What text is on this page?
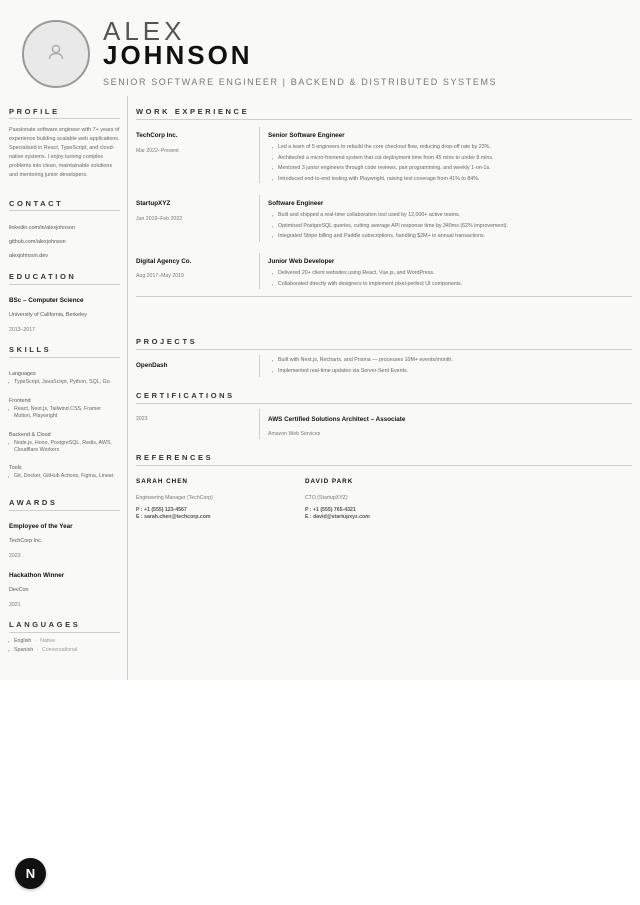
ALEX
JOHNSON
SENIOR SOFTWARE ENGINEER | BACKEND & DISTRIBUTED SYSTEMS
PROFILE
Passionate software engineer with 7+ years of experience building scalable web applications. Specialised in React, TypeScript, and cloud-native systems. I enjoy turning complex problems into clean, maintainable solutions and mentoring junior developers.
CONTACT
linkedin.com/in/alexjohnson
github.com/alexjohnson
alexjohnson.dev
EDUCATION
BSc – Computer Science
University of California, Berkeley
2013–2017
SKILLS
Languages
▪ TypeScript, JavaScript, Python, SQL, Go
Frontend
▪ React, Next.js, Tailwind CSS, Framer Motion, Playwright
Backend & Cloud
▪ Node.js, Hono, PostgreSQL, Redis, AWS, Cloudflare Workers
Tools
▪ Git, Docker, GitHub Actions, Figma, Linear
AWARDS
Employee of the Year
TechCorp Inc.
2023
Hackathon Winner
DevCon
2021
LANGUAGES
▪ English · Native
▪ Spanish · Conversational
WORK EXPERIENCE
TechCorp Inc.
Mar 2022–Present
Senior Software Engineer
▪ Led a team of 5 engineers to rebuild the core checkout flow, reducing drop-off rate by 23%.
▪ Architected a micro-frontend system that cut deployment time from 45 mins to under 8 mins.
▪ Mentored 3 junior engineers through code reviews, pair programming, and weekly 1-on-1s.
▪ Introduced end-to-end testing with Playwright, raising test coverage from 41% to 84%.
StartupXYZ
Jun 2019–Feb 2022
Software Engineer
▪ Built and shipped a real-time collaboration tool used by 12,000+ active teams.
▪ Optimised PostgreSQL queries, cutting average API response time by 340ms (62% improvement).
▪ Integrated Stripe billing and Paddle subscriptions, handling $2M+ in annual transactions.
Digital Agency Co.
Aug 2017–May 2019
Junior Web Developer
▪ Delivered 20+ client websites using React, Vue.js, and WordPress.
▪ Collaborated directly with designers to implement pixel-perfect UI components.
PROJECTS
OpenDash
▪ Built with Next.js, Recharts, and Prisma — processes 10M+ events/month.
▪ Implemented real-time updates via Server-Sent Events.
CERTIFICATIONS
2023	AWS Certified Solutions Architect – Associate
Amazon Web Services
REFERENCES
SARAH CHEN
Engineering Manager (TechCorp)
P : +1 (555) 123-4567
E : sarah.chen@techcorp.com
DAVID PARK
CTO (StartupXYZ)
P : +1 (555) 765-4321
E : david@startupxyz.com
N
